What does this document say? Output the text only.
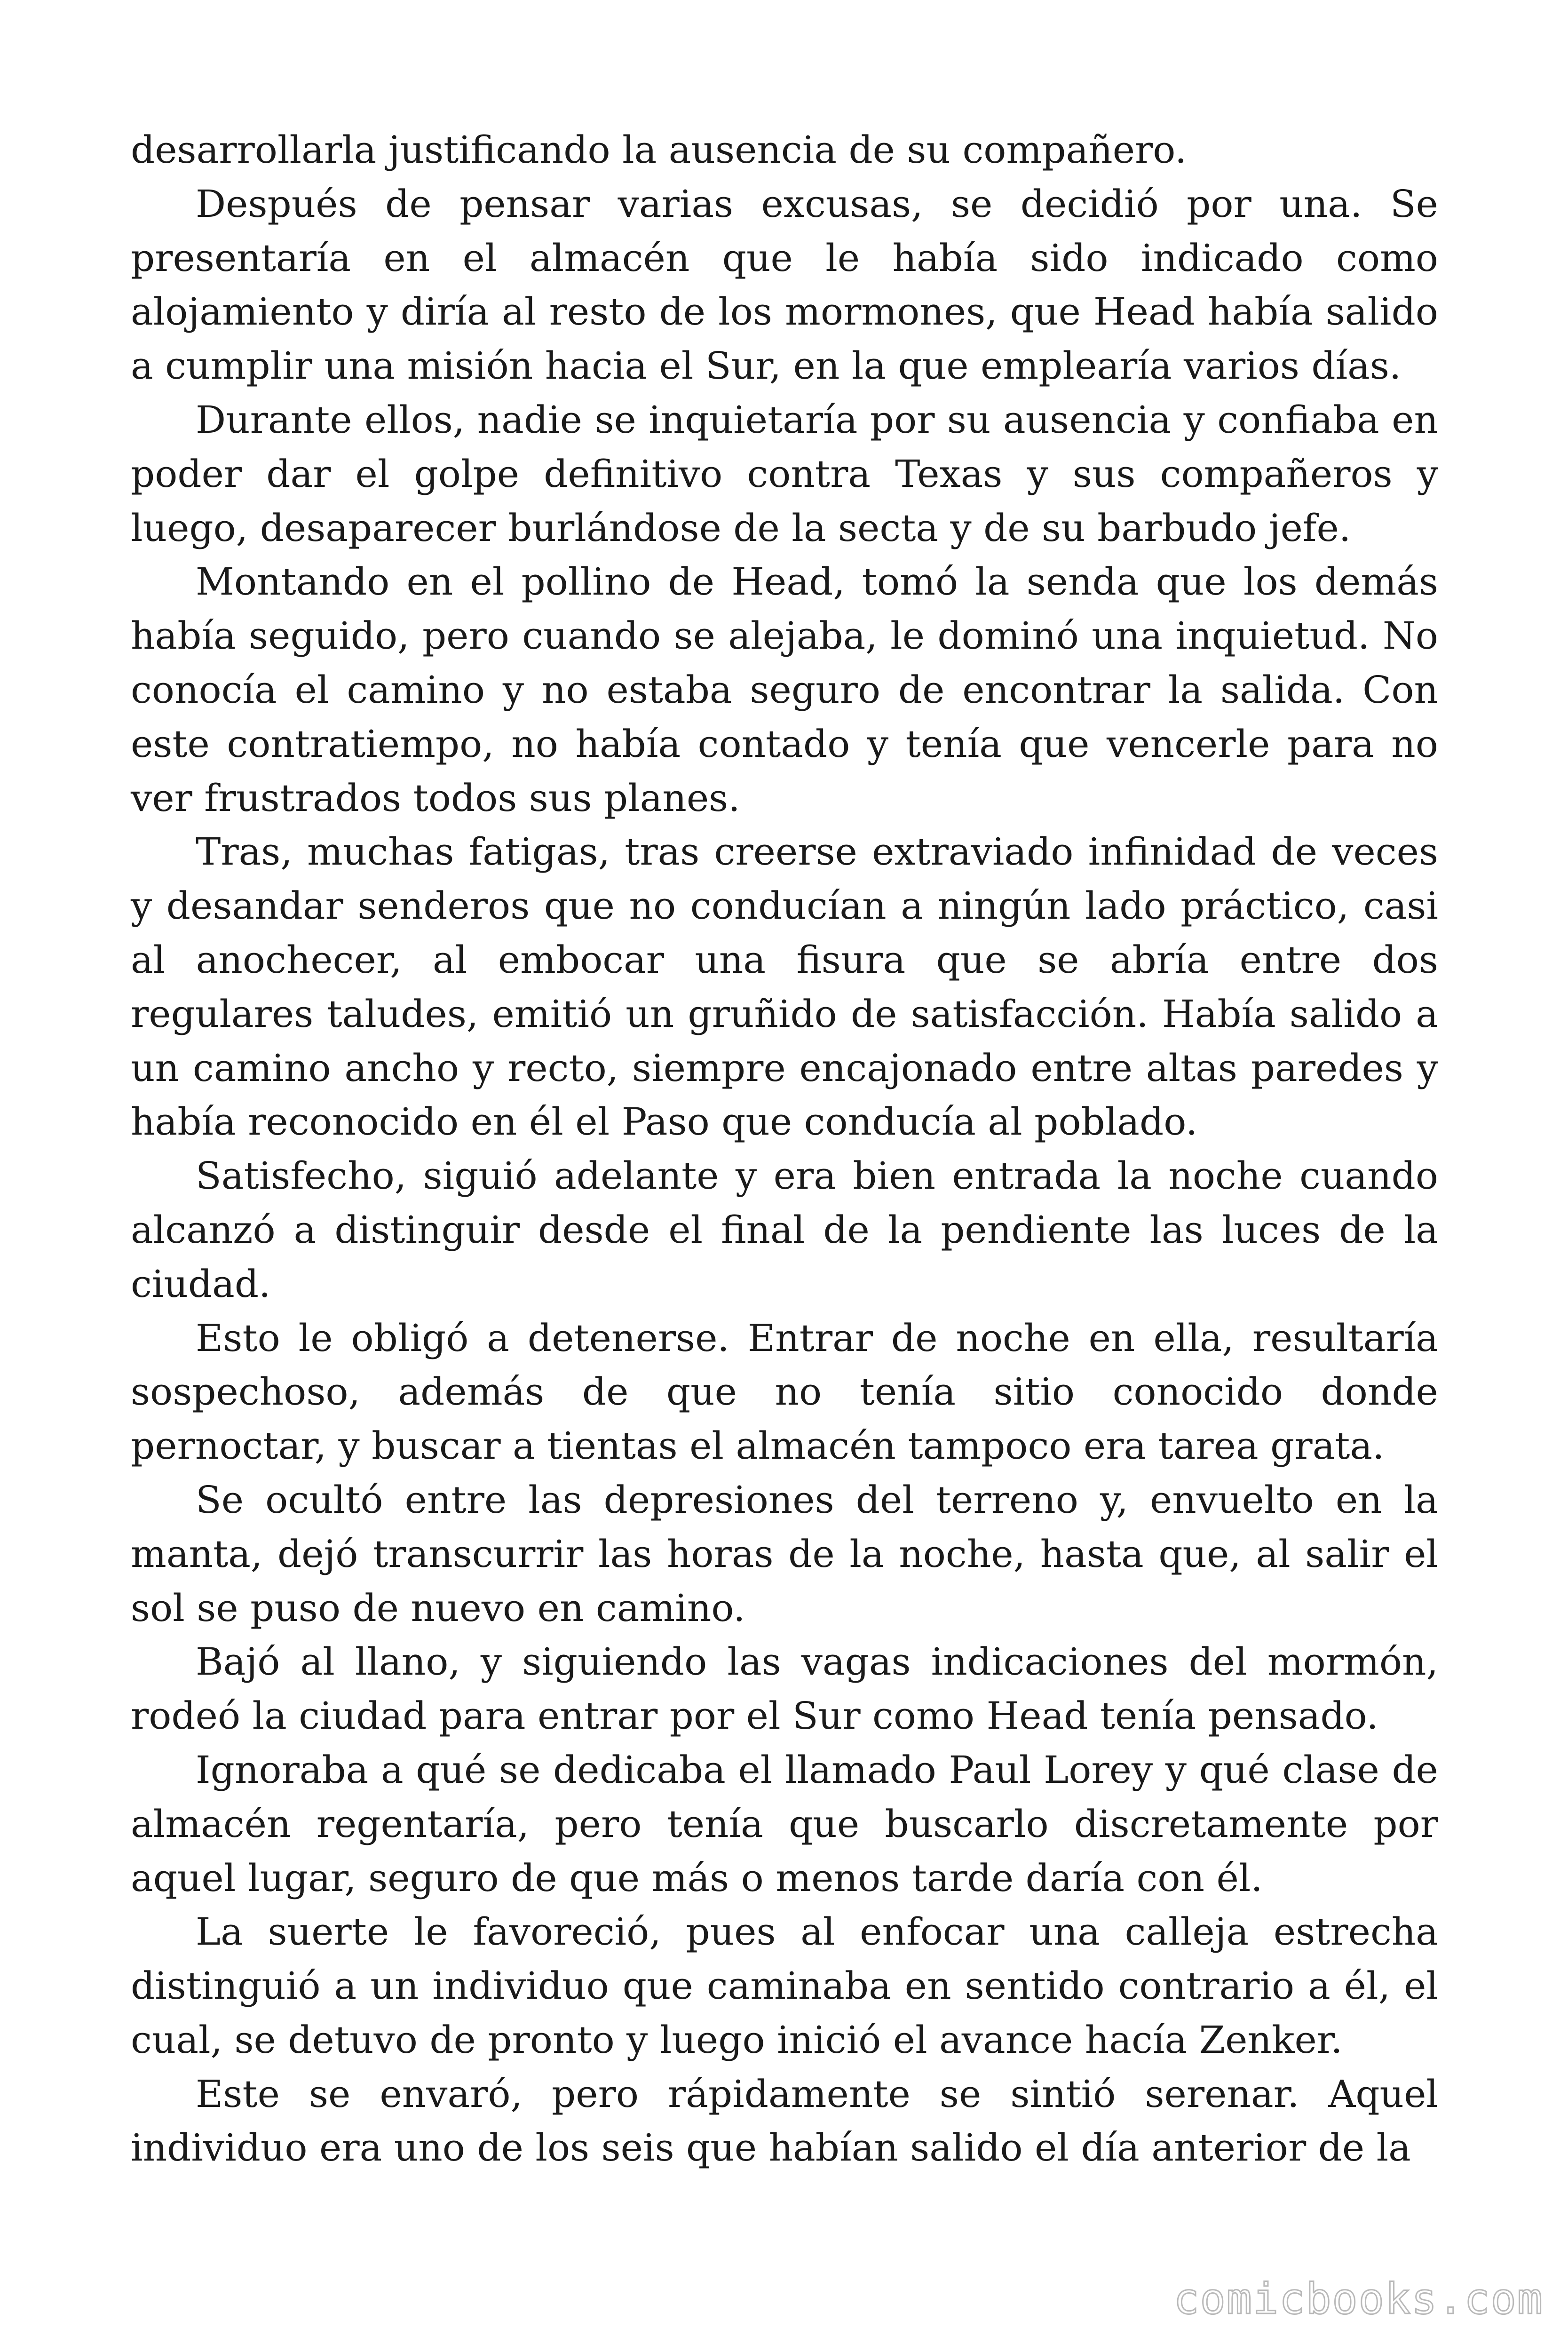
desarrollarla justificando la ausencia de su compañero.

Después de pensar varias excusas, se decidió por una. Se presentaría en el almacén que le había sido indicado como alojamiento y diría al resto de los mormones, que Head había salido a cumplir una misión hacia el Sur, en la que emplearía varios días.

Durante ellos, nadie se inquietaría por su ausencia y confiaba en poder dar el golpe definitivo contra Texas y sus compañeros y luego, desaparecer burlándose de la secta y de su barbudo jefe.

Montando en el pollino de Head, tomó la senda que los demás había seguido, pero cuando se alejaba, le dominó una inquietud. No conocía el camino y no estaba seguro de encontrar la salida. Con este contratiempo, no había contado y tenía que vencerle para no ver frustrados todos sus planes.

Tras, muchas fatigas, tras creerse extraviado infinidad de veces y desandar senderos que no conducían a ningún lado práctico, casi al anochecer, al embocar una fisura que se abría entre dos regulares taludes, emitió un gruñido de satisfacción. Había salido a un camino ancho y recto, siempre encajonado entre altas paredes y había reconocido en él el Paso que conducía al poblado.

Satisfecho, siguió adelante y era bien entrada la noche cuando alcanzó a distinguir desde el final de la pendiente las luces de la ciudad.

Esto le obligó a detenerse. Entrar de noche en ella, resultaría sospechoso, además de que no tenía sitio conocido donde pernoctar, y buscar a tientas el almacén tampoco era tarea grata.

Se ocultó entre las depresiones del terreno y, envuelto en la manta, dejó transcurrir las horas de la noche, hasta que, al salir el sol se puso de nuevo en camino.

Bajó al llano, y siguiendo las vagas indicaciones del mormón, rodeó la ciudad para entrar por el Sur como Head tenía pensado.

Ignoraba a qué se dedicaba el llamado Paul Lorey y qué clase de almacén regentaría, pero tenía que buscarlo discretamente por aquel lugar, seguro de que más o menos tarde daría con él.

La suerte le favoreció, pues al enfocar una calleja estrecha distinguió a un individuo que caminaba en sentido contrario a él, el cual, se detuvo de pronto y luego inició el avance hacía Zenker.

Este se envaró, pero rápidamente se sintió serenar. Aquel individuo era uno de los seis que habían salido el día anterior de la

comicbooks.com
